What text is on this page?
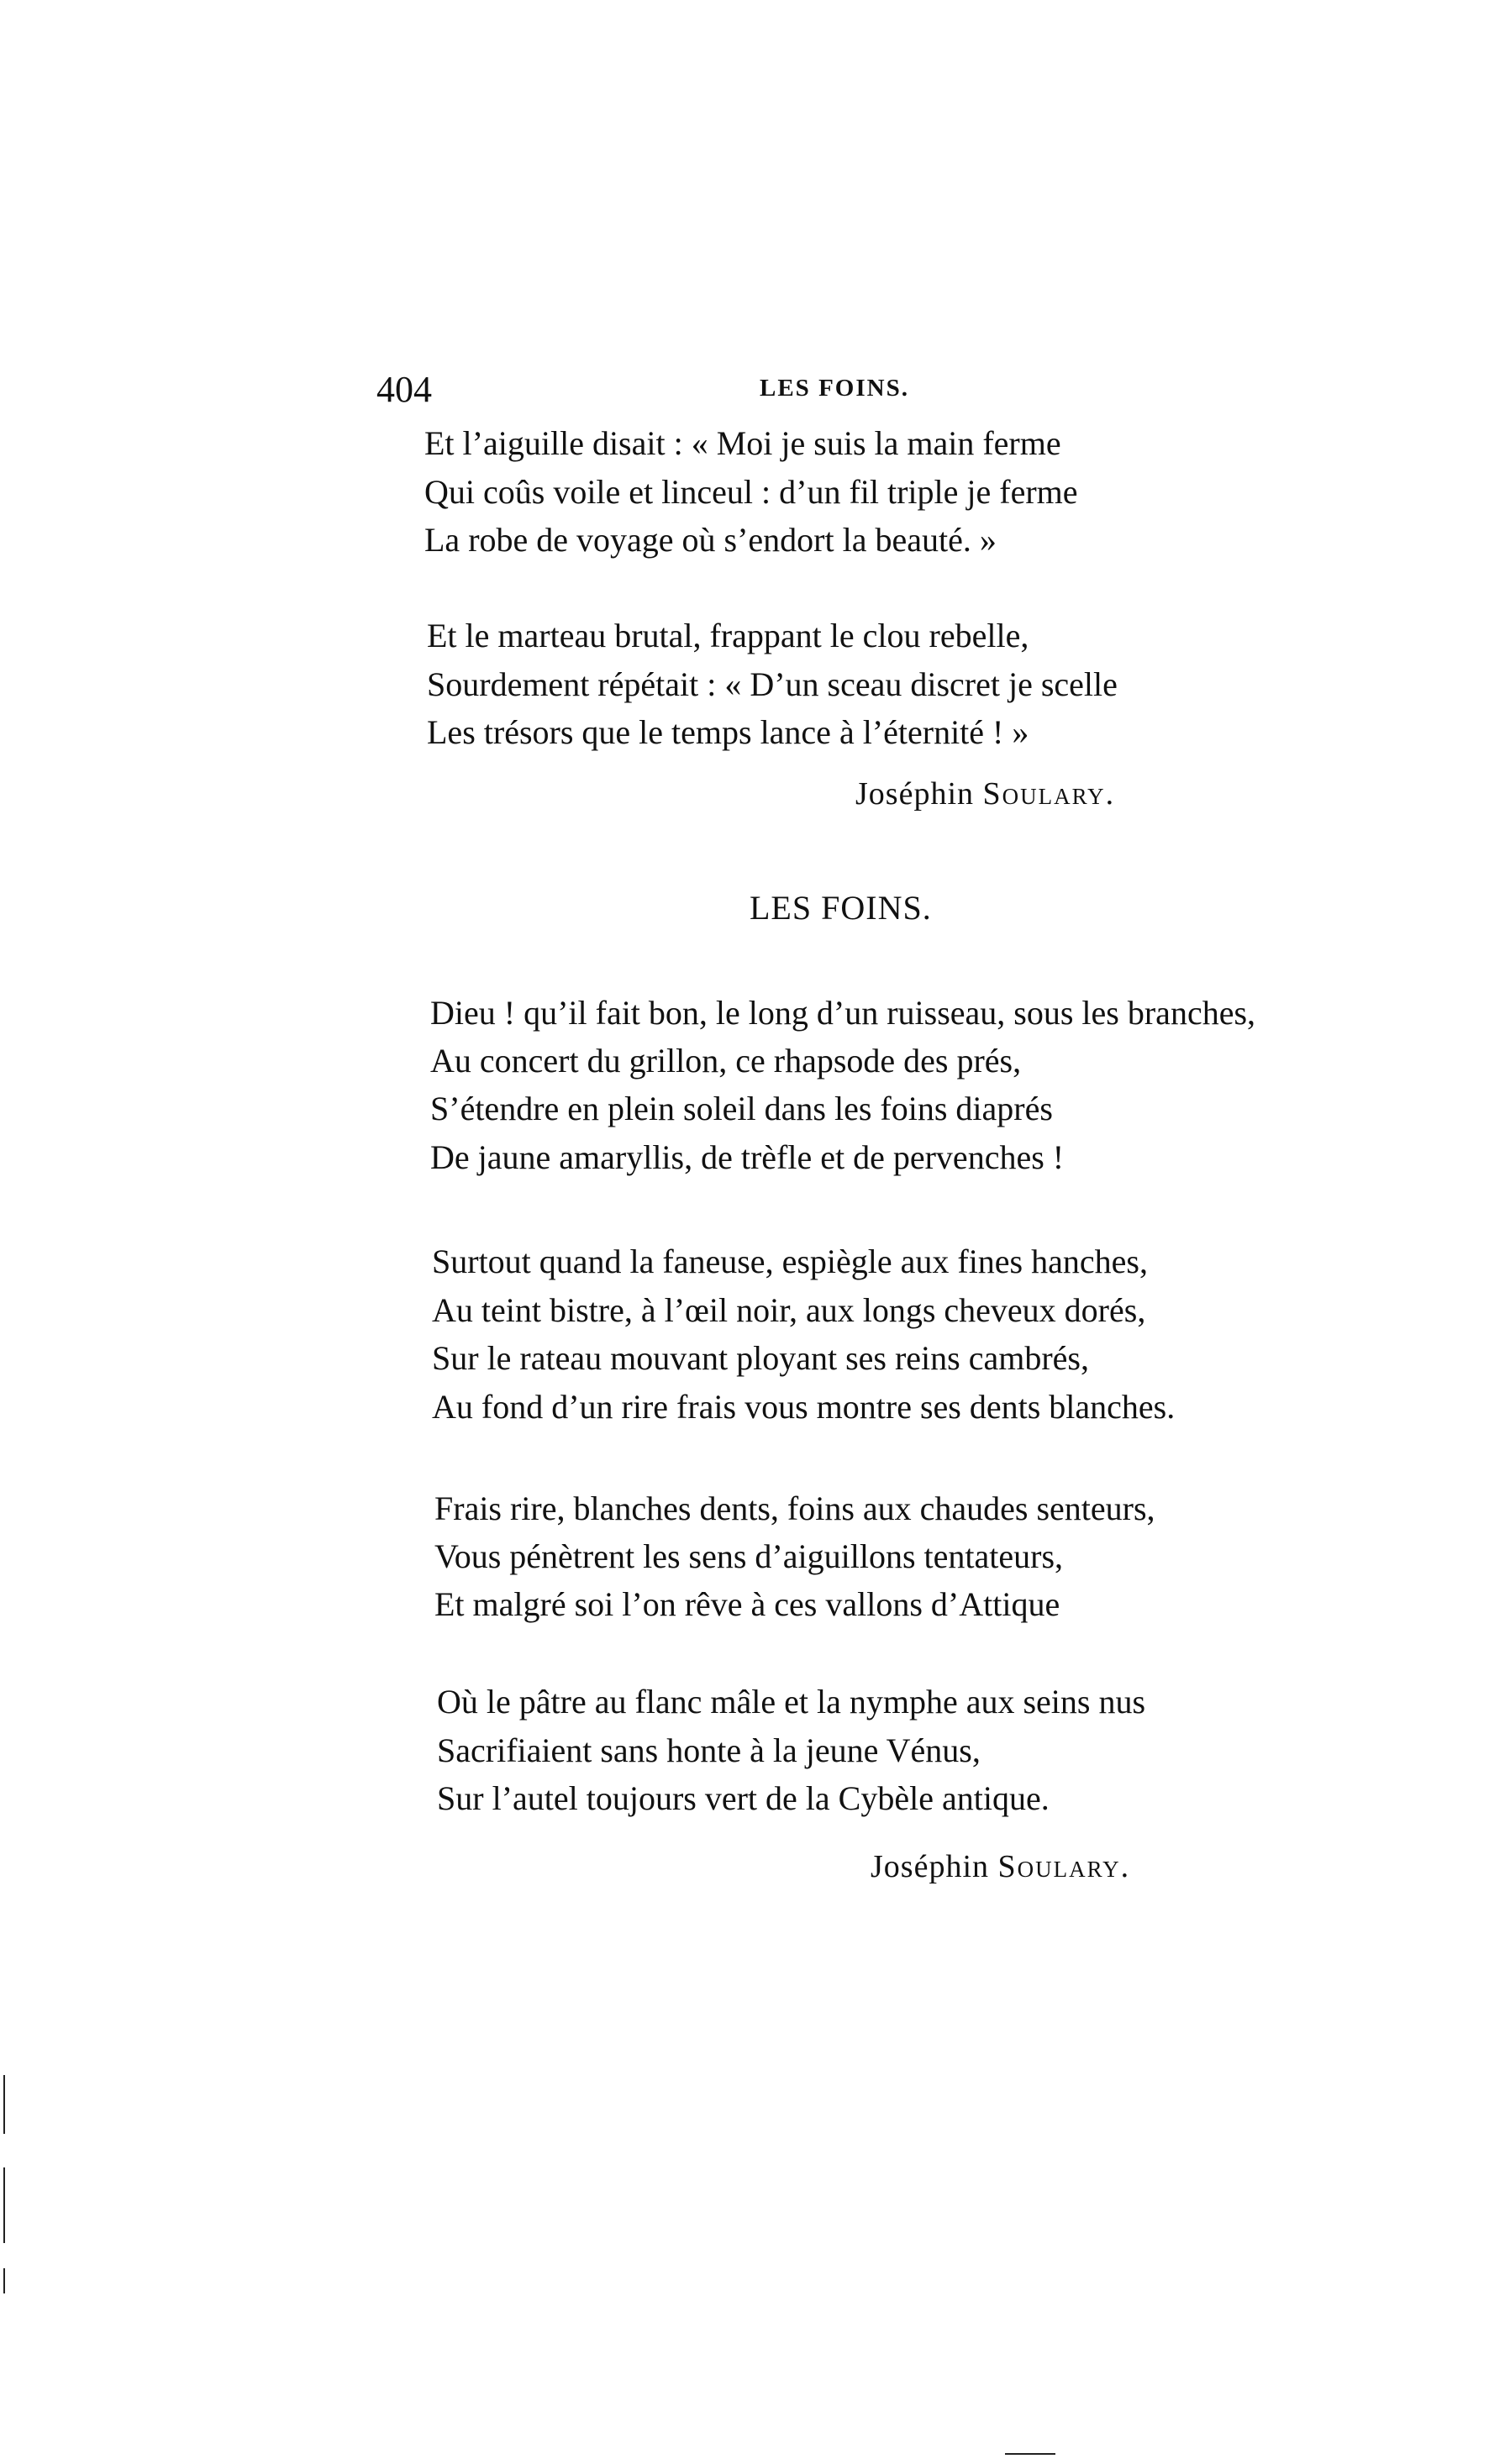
404	LES FOINS.
Et l’aiguille disait : « Moi je suis la main ferme
Qui coûs voile et linceul : d’un fil triple je ferme
La robe de voyage où s’endort la beauté. »
Et le marteau brutal, frappant le clou rebelle,
Sourdement répétait : « D’un sceau discret je scelle
Les trésors que le temps lance à l’éternité ! »
Joséphin Soulary.
LES FOINS.
Dieu ! qu’il fait bon, le long d’un ruisseau, sous les branches,
Au concert du grillon, ce rhapsode des prés,
S’étendre en plein soleil dans les foins diaprés
De jaune amaryllis, de trèfle et de pervenches !
Surtout quand la faneuse, espiègle aux fines hanches,
Au teint bistre, à l’œil noir, aux longs cheveux dorés,
Sur le rateau mouvant ployant ses reins cambrés,
Au fond d’un rire frais vous montre ses dents blanches.
Frais rire, blanches dents, foins aux chaudes senteurs,
Vous pénètrent les sens d’aiguillons tentateurs,
Et malgré soi l’on rêve à ces vallons d’Attique
Où le pâtre au flanc mâle et la nymphe aux seins nus
Sacrifiaient sans honte à la jeune Vénus,
Sur l’autel toujours vert de la Cybèle antique.
Joséphin Soulary.
